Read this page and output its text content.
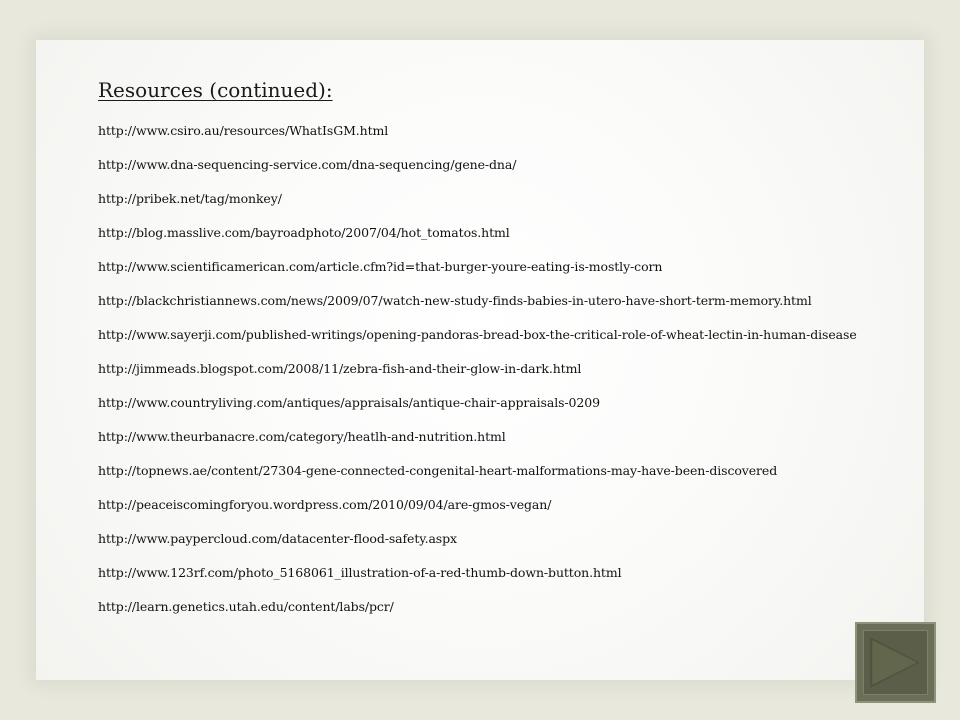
Resources (continued):
http://www.csiro.au/resources/WhatIsGM.html
http://www.dna-sequencing-service.com/dna-sequencing/gene-dna/
http://pribek.net/tag/monkey/
http://blog.masslive.com/bayroadphoto/2007/04/hot_tomatos.html
http://www.scientificamerican.com/article.cfm?id=that-burger-youre-eating-is-mostly-corn
http://blackchristiannews.com/news/2009/07/watch-new-study-finds-babies-in-utero-have-short-term-memory.html
http://www.sayerji.com/published-writings/opening-pandoras-bread-box-the-critical-role-of-wheat-lectin-in-human-disease
http://jimmeads.blogspot.com/2008/11/zebra-fish-and-their-glow-in-dark.html
http://www.countryliving.com/antiques/appraisals/antique-chair-appraisals-0209
http://www.theurbanacre.com/category/heatlh-and-nutrition.html
http://topnews.ae/content/27304-gene-connected-congenital-heart-malformations-may-have-been-discovered
http://peaceiscomingforyou.wordpress.com/2010/09/04/are-gmos-vegan/
http://www.paypercloud.com/datacenter-flood-safety.aspx
http://www.123rf.com/photo_5168061_illustration-of-a-red-thumb-down-button.html
http://learn.genetics.utah.edu/content/labs/pcr/
